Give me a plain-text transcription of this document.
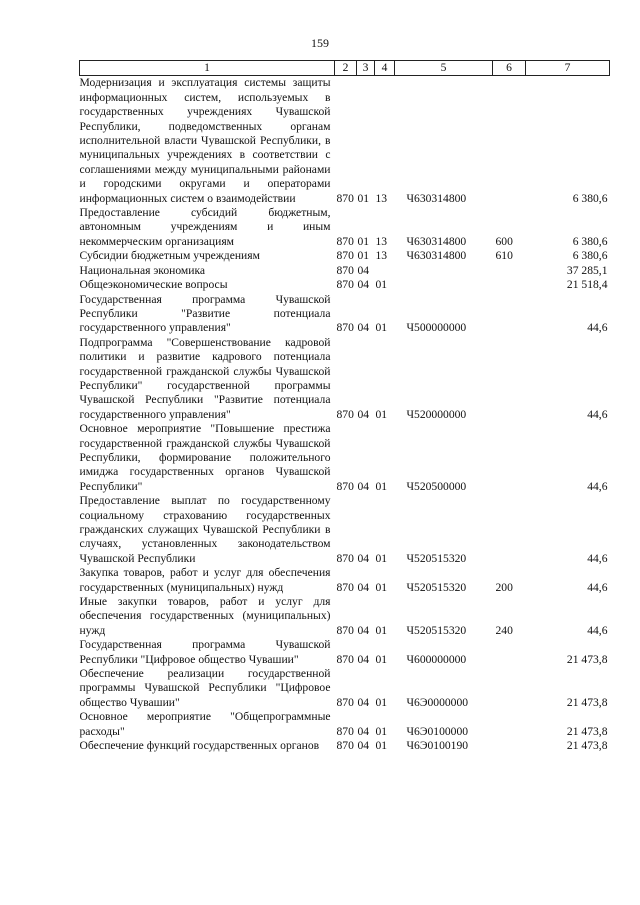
159
1	2	3	4	5	6	7
Модернизация и эксплуатация системы защиты информационных систем, используемых в государственных учреждениях Чувашской Республики, подведомственных органам исполнительной власти Чувашской Республики, в муниципальных учреждениях в соответствии с соглашениями между муниципальными районами и городскими округами и операторами информационных систем о взаимодействии	870	01	13	Ч630314800		6 380,6
Предоставление субсидий бюджетным, автономным учреждениям и иным некоммерческим организациям	870	01	13	Ч630314800	600	6 380,6
Субсидии бюджетным учреждениям	870	01	13	Ч630314800	610	6 380,6
Национальная экономика	870	04				37 285,1
Общеэкономические вопросы	870	04	01			21 518,4
Государственная программа Чувашской Республики "Развитие потенциала государственного управления"	870	04	01	Ч500000000		44,6
Подпрограмма "Совершенствование кадровой политики и развитие кадрового потенциала государственной гражданской службы Чувашской Республики" государственной программы Чувашской Республики "Развитие потенциала государственного управления"	870	04	01	Ч520000000		44,6
Основное мероприятие "Повышение престижа государственной гражданской службы Чувашской Республики, формирование положительного имиджа государственных органов Чувашской Республики"	870	04	01	Ч520500000		44,6
Предоставление выплат по государственному социальному страхованию государственных гражданских служащих Чувашской Республики в случаях, установленных законодательством Чувашской Республики	870	04	01	Ч520515320		44,6
Закупка товаров, работ и услуг для обеспечения государственных (муниципальных) нужд	870	04	01	Ч520515320	200	44,6
Иные закупки товаров, работ и услуг для обеспечения государственных (муниципальных) нужд	870	04	01	Ч520515320	240	44,6
Государственная программа Чувашской Республики "Цифровое общество Чувашии"	870	04	01	Ч600000000		21 473,8
Обеспечение реализации государственной программы Чувашской Республики "Цифровое общество Чувашии"	870	04	01	Ч6Э0000000		21 473,8
Основное мероприятие "Общепрограммные расходы"	870	04	01	Ч6Э0100000		21 473,8
Обеспечение функций государственных органов	870	04	01	Ч6Э0100190		21 473,8
